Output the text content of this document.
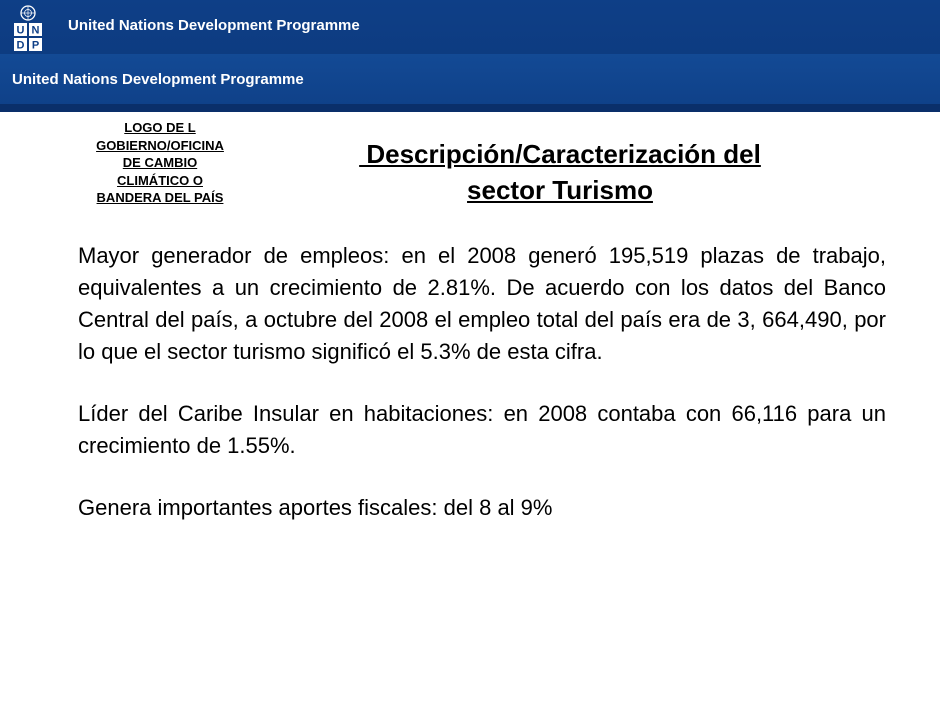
U N
D P
United Nations Development Programme
United Nations Development Programme
LOGO DE L
GOBIERNO/OFICINA
DE CAMBIO
CLIMÁTICO O
BANDERA DEL PAÍS
Descripción/Caracterización del
sector Turismo

Mayor generador de empleos: en el 2008 generó 195,519 plazas de trabajo, equivalentes a un crecimiento de 2.81%. De acuerdo con los datos del Banco Central del país, a octubre del 2008 el empleo total del país era de 3, 664,490, por lo que el sector turismo significó el 5.3% de esta cifra.

Líder del Caribe Insular en habitaciones: en 2008 contaba con 66,116 para un crecimiento de 1.55%.

Genera importantes aportes fiscales: del 8 al 9%
